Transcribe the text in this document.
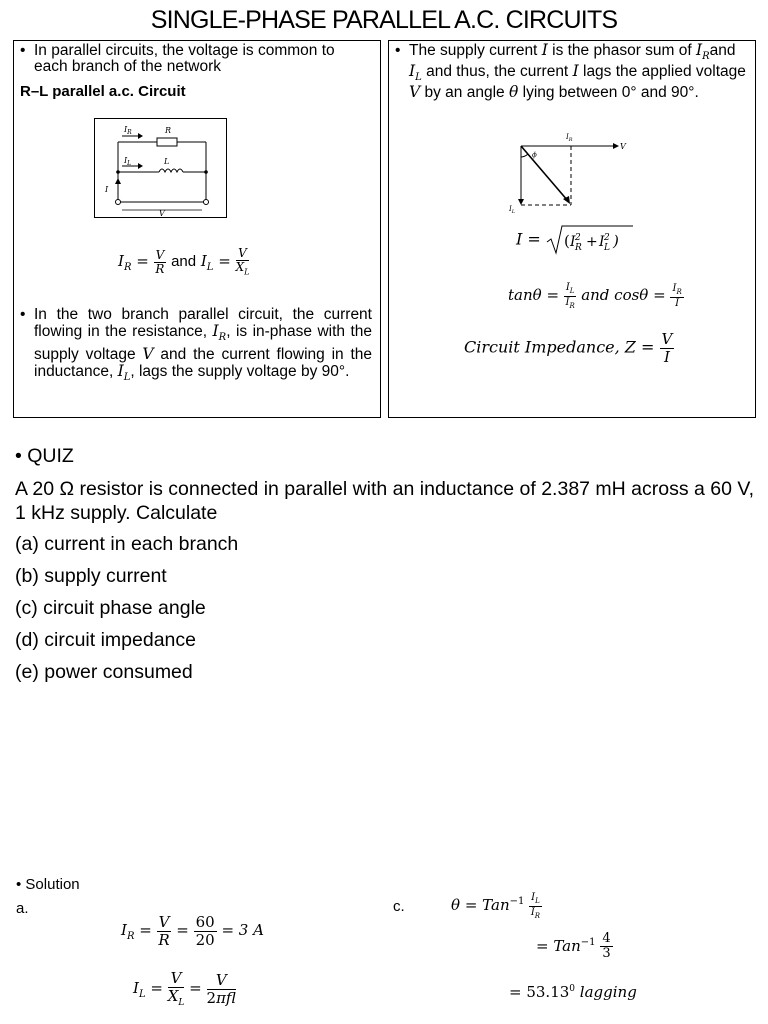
SINGLE-PHASE PARALLEL A.C. CIRCUITS
• In parallel circuits, the voltage is common to each branch of the network
R–L parallel a.c. Circuit
$I_R$	R
$I_L$	L
I
V
$I_R = \frac{V}{R}$ and $I_L = \frac{V}{X_L}$
• In the two branch parallel circuit, the current flowing in the resistance, $I_R$, is in-phase with the supply voltage V and the current flowing in the inductance, $I_L$, lags the supply voltage by 90°.
• The supply current I is the phasor sum of $I_Rand$ $I_L$ and thus, the current I lags the applied voltage V by an angle θ lying between 0° and 90°.
ϕ
$I_R$
V
$I_L$
I = ( I 2
R + I 2
L )
$\tan\theta = \frac{I_L}{I_R}$ and $\cos\theta = \frac{I_R}{I}$
Circuit Impedance, $Z = \frac{V}{I}$
• QUIZ
A 20 Ω resistor is connected in parallel with an inductance of 2.387 mH across a 60 V, 1 kHz supply. Calculate
(a) current in each branch
(b) supply current
(c) circuit phase angle
(d) circuit impedance
(e) power consumed
• Solution
a.	c.
$I_R = \frac{V}{R} = \frac{60}{20} = 3$ A
$I_L = \frac{V}{X_L} = \frac{V}{\text{2πfl}}$
$\theta = Tan^{-1} \frac{I_L}{I_R}$
= $Tan^{-1} \frac{4}{3}$
= $53.13^0$ lagging
